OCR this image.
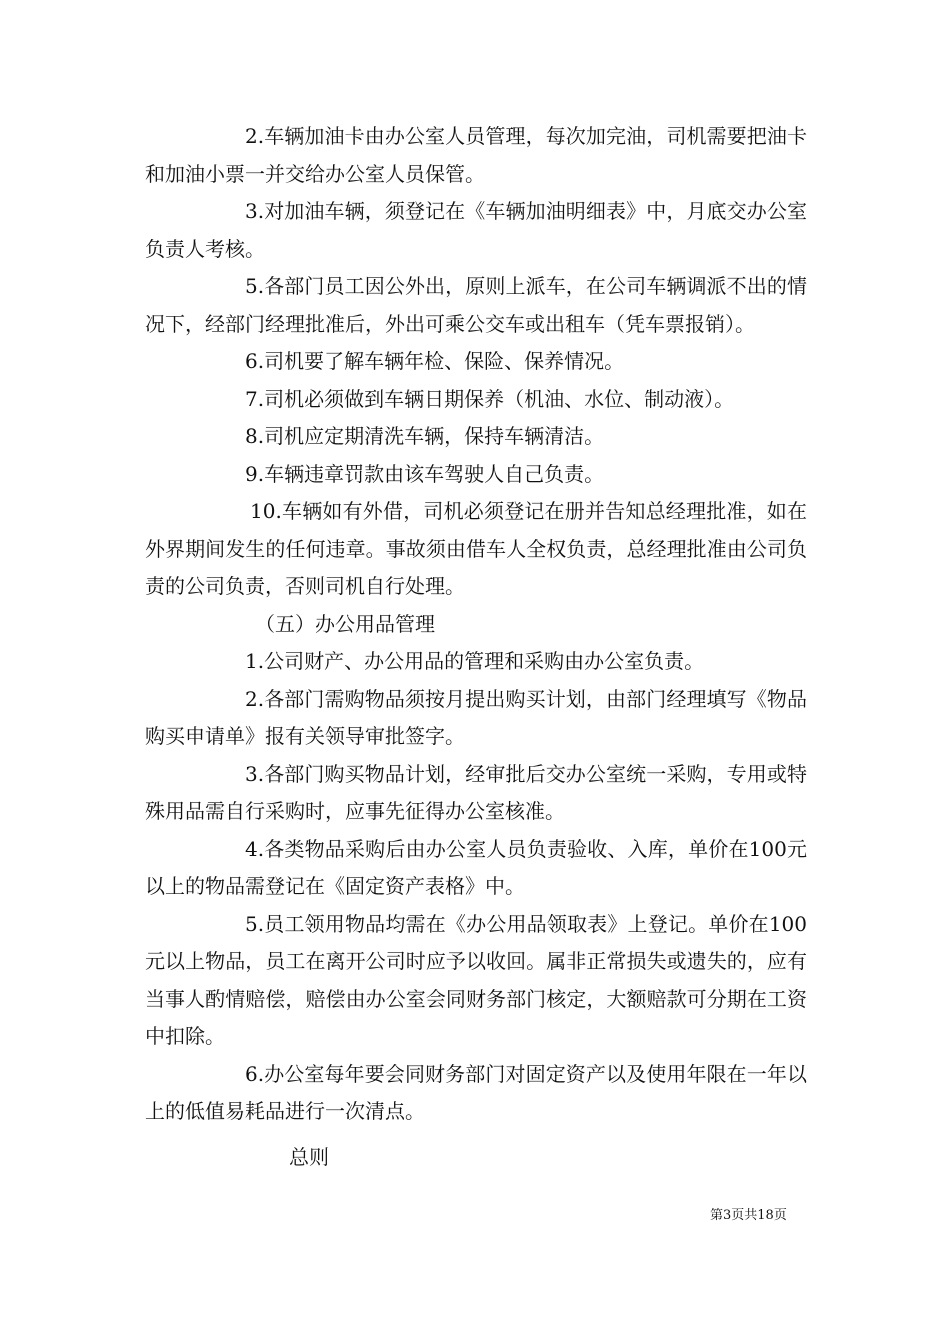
2.车辆加油卡由办公室人员管理，每次加完油，司机需要把油卡和加油小票一并交给办公室人员保管。

3.对加油车辆，须登记在《车辆加油明细表》中，月底交办公室负责人考核。

5.各部门员工因公外出，原则上派车，在公司车辆调派不出的情况下，经部门经理批准后，外出可乘公交车或出租车（凭车票报销）。

6.司机要了解车辆年检、保险、保养情况。

7.司机必须做到车辆日期保养（机油、水位、制动液）。

8.司机应定期清洗车辆，保持车辆清洁。

9.车辆违章罚款由该车驾驶人自己负责。

10.车辆如有外借，司机必须登记在册并告知总经理批准，如在外界期间发生的任何违章。事故须由借车人全权负责，总经理批准由公司负责的公司负责，否则司机自行处理。

（五）办公用品管理

1.公司财产、办公用品的管理和采购由办公室负责。

2.各部门需购物品须按月提出购买计划，由部门经理填写《物品购买申请单》报有关领导审批签字。

3.各部门购买物品计划，经审批后交办公室统一采购，专用或特殊用品需自行采购时，应事先征得办公室核准。

4.各类物品采购后由办公室人员负责验收、入库，单价在100元以上的物品需登记在《固定资产表格》中。

5.员工领用物品均需在《办公用品领取表》上登记。单价在100元以上物品，员工在离开公司时应予以收回。属非正常损失或遗失的，应有当事人酌情赔偿，赔偿由办公室会同财务部门核定，大额赔款可分期在工资中扣除。

6.办公室每年要会同财务部门对固定资产以及使用年限在一年以上的低值易耗品进行一次清点。

总则

第3页共18页
